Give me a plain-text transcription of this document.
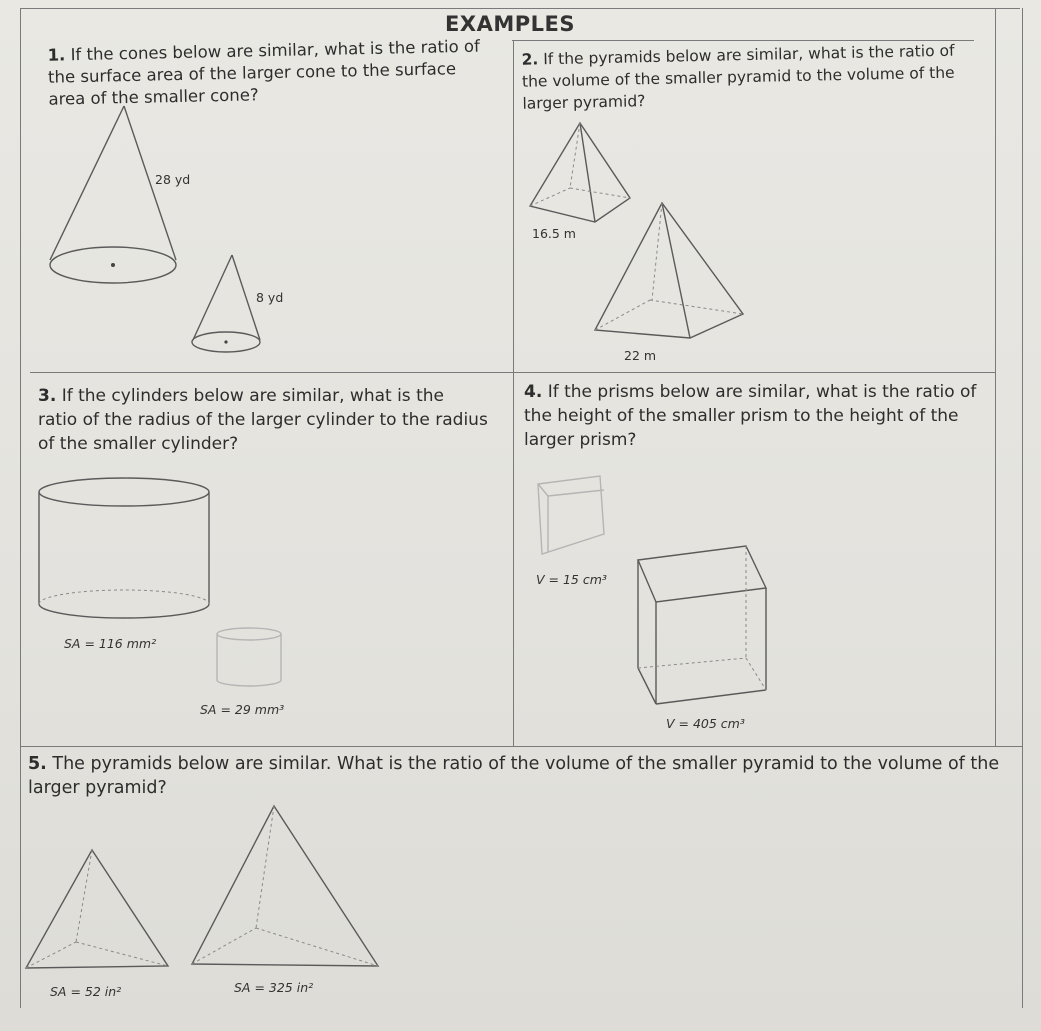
EXAMPLES
1. If the cones below are similar, what is the ratio of the surface area of the larger cone to the surface area of the smaller cone?
2. If the pyramids below are similar, what is the ratio of the volume of the smaller pyramid to the volume of the larger pyramid?
3. If the cylinders below are similar, what is the ratio of the radius of the larger cylinder to the radius of the smaller cylinder?
4. If the prisms below are similar, what is the ratio of the height of the smaller prism to the height of the larger prism?
5. The pyramids below are similar. What is the ratio of the volume of the smaller pyramid to the volume of the larger pyramid?
28 yd
8 yd
16.5 m
22 m
SA = 116 mm²
SA = 29 mm³
V = 15 cm³
V = 405 cm³
SA = 52 in²	SA = 325 in²
